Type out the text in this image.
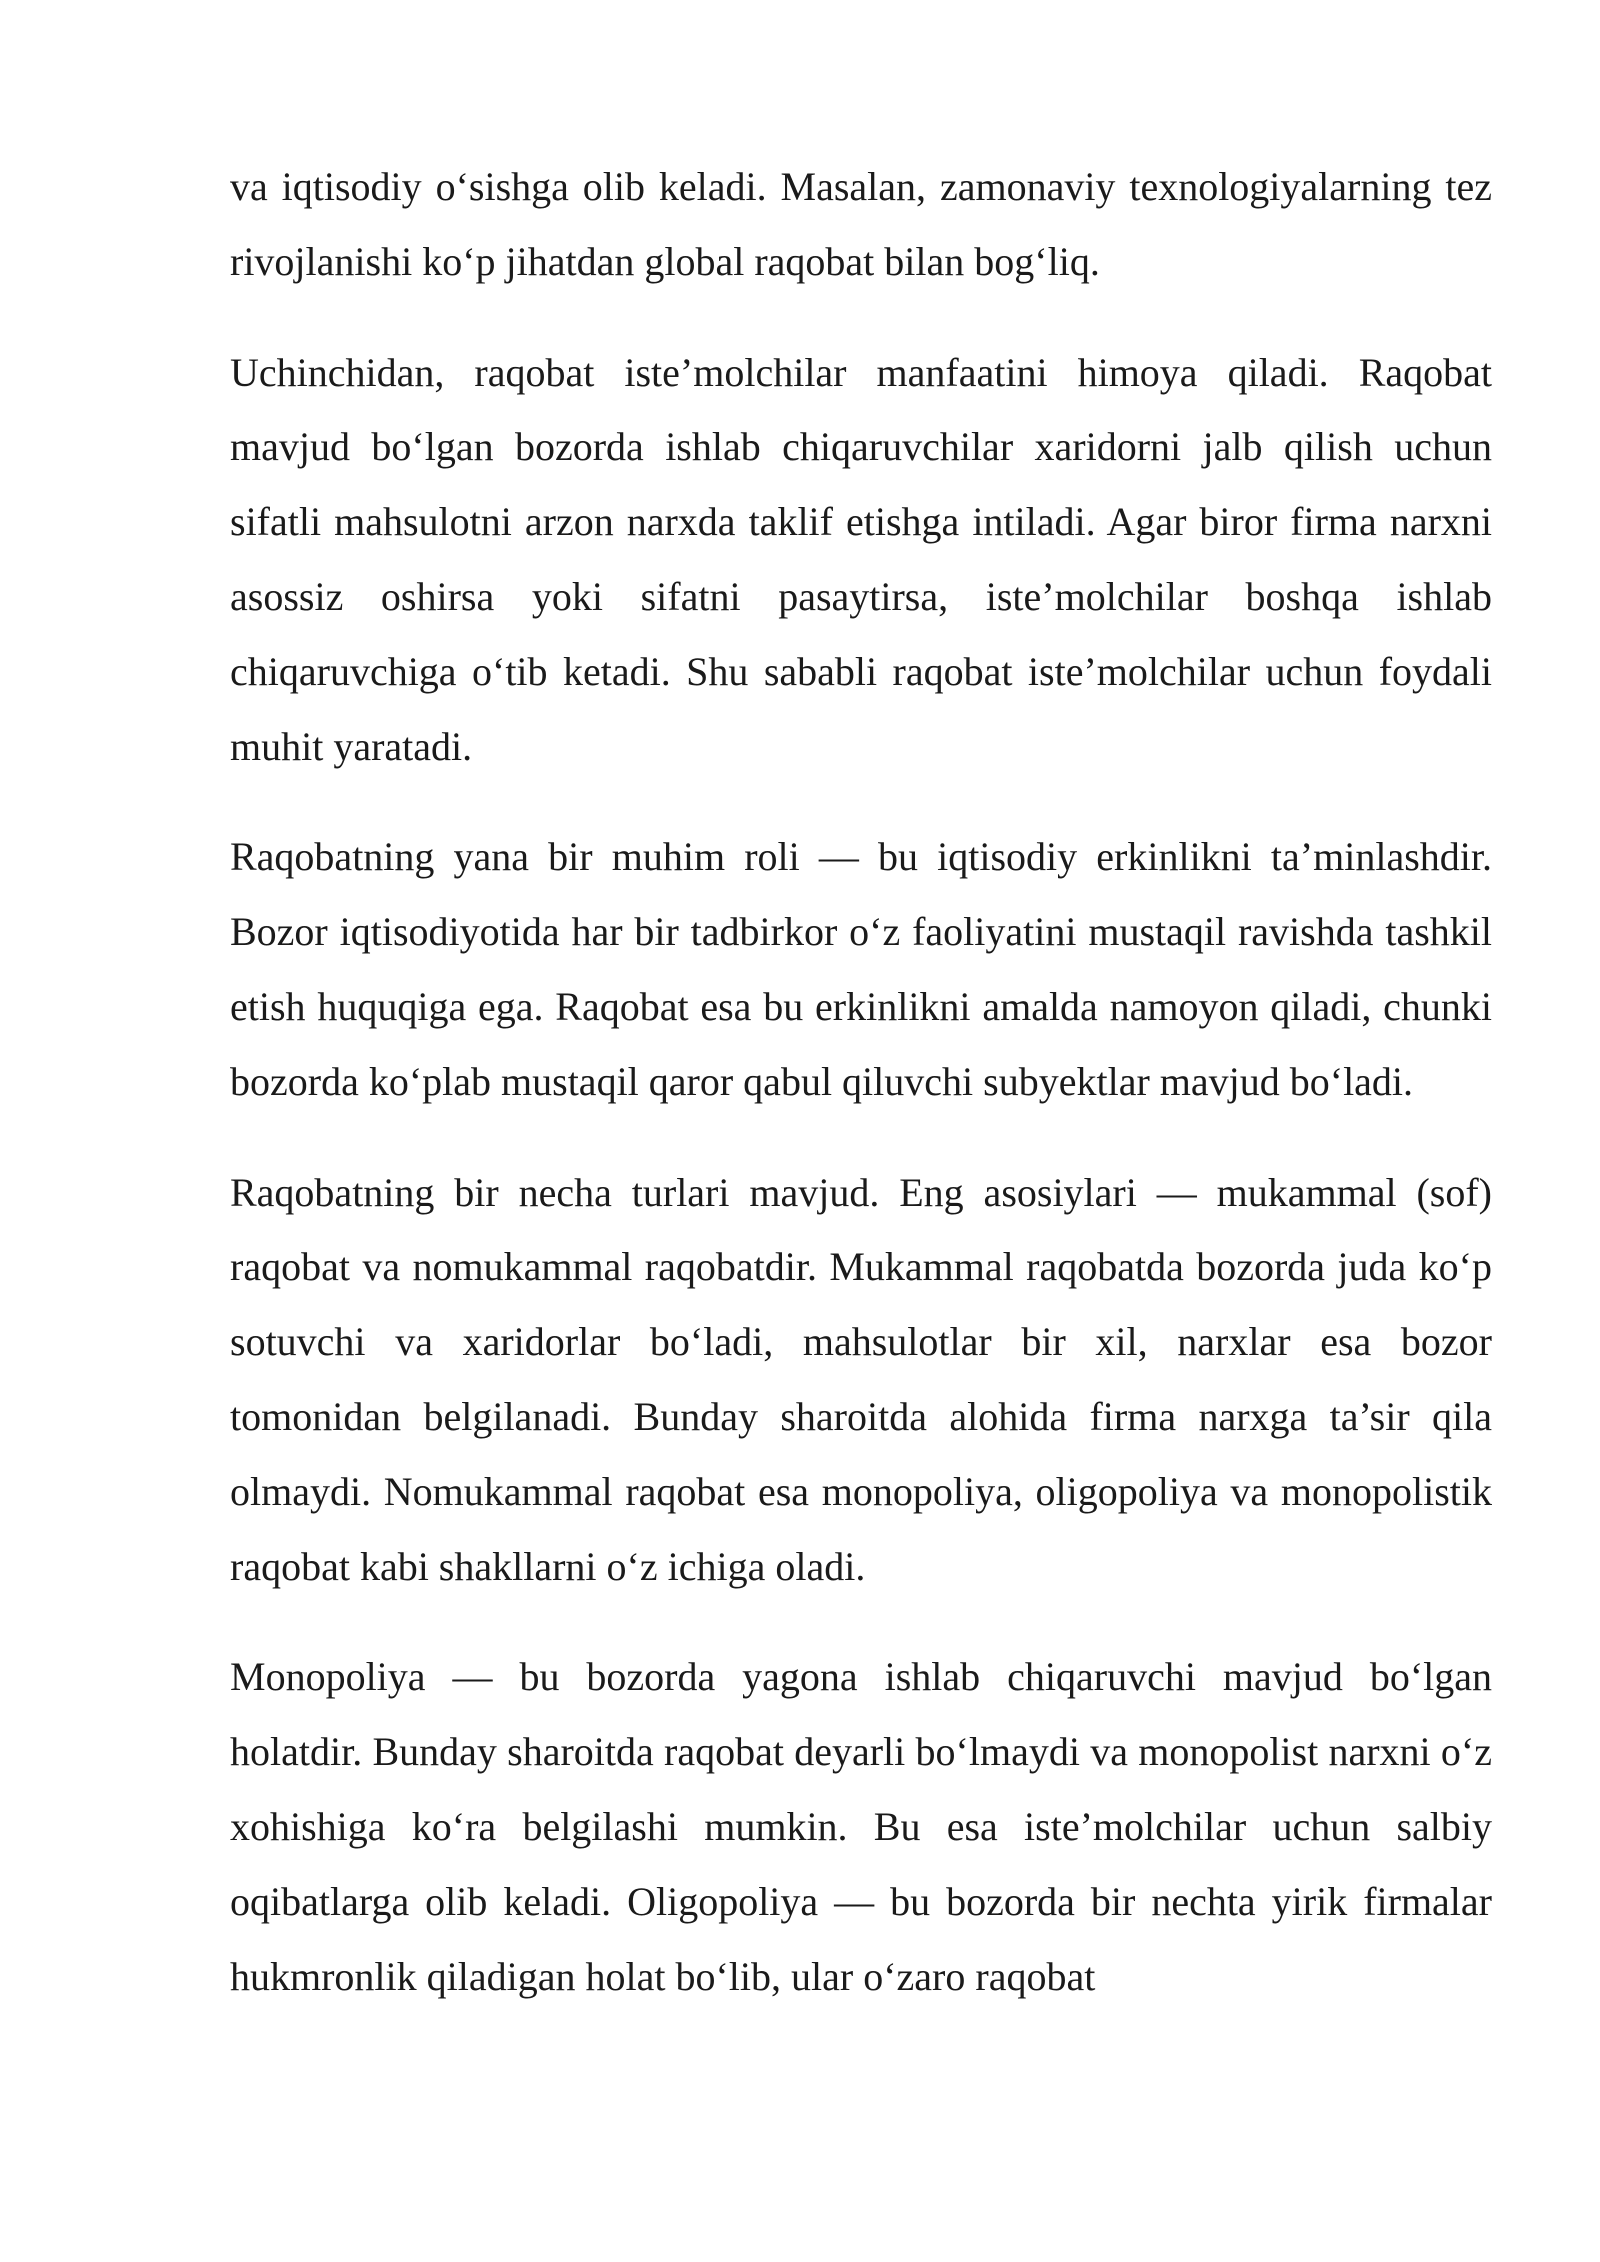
va iqtisodiy o‘sishga olib keladi. Masalan, zamonaviy texnologiyalarning tez rivojlanishi ko‘p jihatdan global raqobat bilan bog‘liq.

Uchinchidan, raqobat iste’molchilar manfaatini himoya qiladi. Raqobat mavjud bo‘lgan bozorda ishlab chiqaruvchilar xaridorni jalb qilish uchun sifatli mahsulotni arzon narxda taklif etishga intiladi. Agar biror firma narxni asossiz oshirsa yoki sifatni pasaytirsa, iste’molchilar boshqa ishlab chiqaruvchiga o‘tib ketadi. Shu sababli raqobat iste’molchilar uchun foydali muhit yaratadi.

Raqobatning yana bir muhim roli — bu iqtisodiy erkinlikni ta’minlashdir. Bozor iqtisodiyotida har bir tadbirkor o‘z faoliyatini mustaqil ravishda tashkil etish huquqiga ega. Raqobat esa bu erkinlikni amalda namoyon qiladi, chunki bozorda ko‘plab mustaqil qaror qabul qiluvchi subyektlar mavjud bo‘ladi.

Raqobatning bir necha turlari mavjud. Eng asosiylari — mukammal (sof) raqobat va nomukammal raqobatdir. Mukammal raqobatda bozorda juda ko‘p sotuvchi va xaridorlar bo‘ladi, mahsulotlar bir xil, narxlar esa bozor tomonidan belgilanadi. Bunday sharoitda alohida firma narxga ta’sir qila olmaydi. Nomukammal raqobat esa monopoliya, oligopoliya va monopolistik raqobat kabi shakllarni o‘z ichiga oladi.

Monopoliya — bu bozorda yagona ishlab chiqaruvchi mavjud bo‘lgan holatdir. Bunday sharoitda raqobat deyarli bo‘lmaydi va monopolist narxni o‘z xohishiga ko‘ra belgilashi mumkin. Bu esa iste’molchilar uchun salbiy oqibatlarga olib keladi. Oligopoliya — bu bozorda bir nechta yirik firmalar hukmronlik qiladigan holat bo‘lib, ular o‘zaro raqobat
